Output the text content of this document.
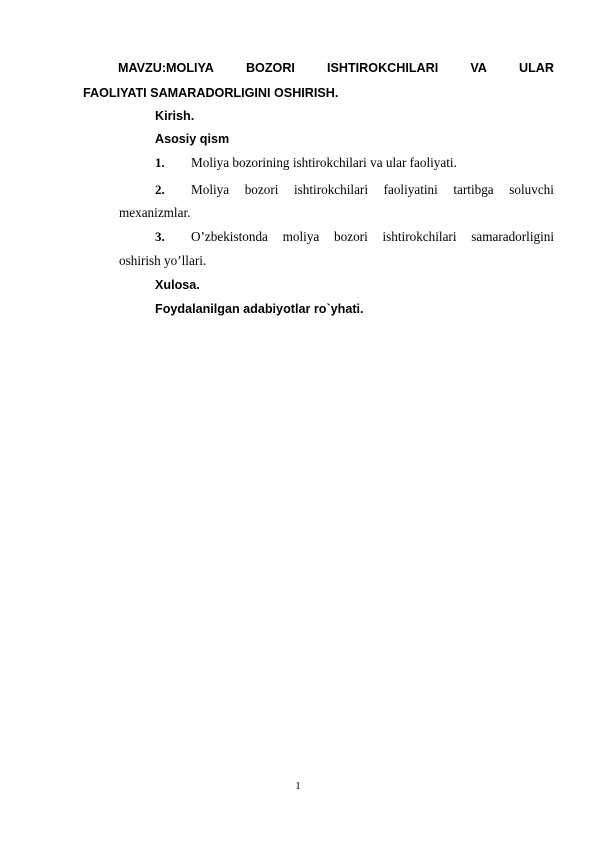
MAVZU:MOLIYA	BOZORI	ISHTIROKCHILARI	VA	ULAR
FAOLIYATI SAMARADORLIGINI OSHIRISH.
Kirish.
Asosiy qism
1. Moliya bozorining ishtirokchilari va ular faoliyati.
2. Moliya bozori ishtirokchilari faoliyatini tartibga soluvchi
mexanizmlar.
3. O’zbekistonda moliya bozori ishtirokchilari samaradorligini
oshirish yo’llari.
Xulosa.
Foydalanilgan adabiyotlar ro`yhati.
1
